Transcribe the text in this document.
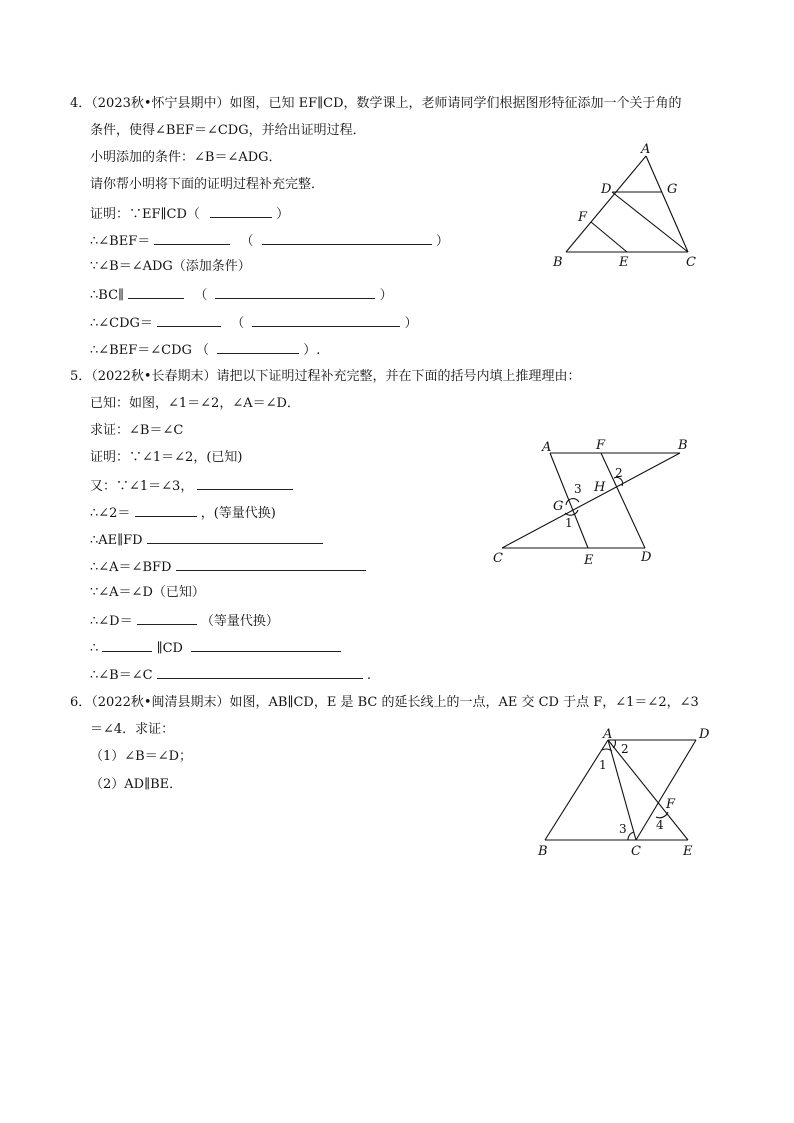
4．（2023秋•怀宁县期中）如图，已知 EF∥CD，数学课上，老师请同学们根据图形特征添加一个关于角的
条件，使得∠BEF＝∠CDG，并给出证明过程．
小明添加的条件：∠B＝∠ADG．
请你帮小明将下面的证明过程补充完整．
证明：∵EF∥CD（	）
∴∠BEF＝	（	）
∵∠B＝∠ADG（添加条件）
∴BC∥	（	）
∴∠CDG＝	（	）
∴∠BEF＝∠CDG （	）.
A
D	G
F
B	E	C
5．（2022秋•长春期末）请把以下证明过程补充完整，并在下面的括号内填上推理理由：
已知：如图，∠1＝∠2，∠A＝∠D．
求证：∠B＝∠C
证明：∵∠1＝∠2，(已知)
又：∵∠1＝∠3，
∴∠2＝	，(等量代换)
∴AE∥FD
∴∠A＝∠BFD
∵∠A＝∠D（已知）
∴∠D＝	（等量代换）
∴	∥CD
∴∠B＝∠C	.
A	F	B
G
H
C	E	D
3
1
2
6．（2022秋•闽清县期末）如图，AB∥CD，E 是 BC 的延长线上的一点，AE 交 CD 于点 F，∠1＝∠2，∠3
＝∠4．求证：
（1）∠B＝∠D；
（2）AD∥BE．
A	D
B	C	E
F
1
2
3 4
